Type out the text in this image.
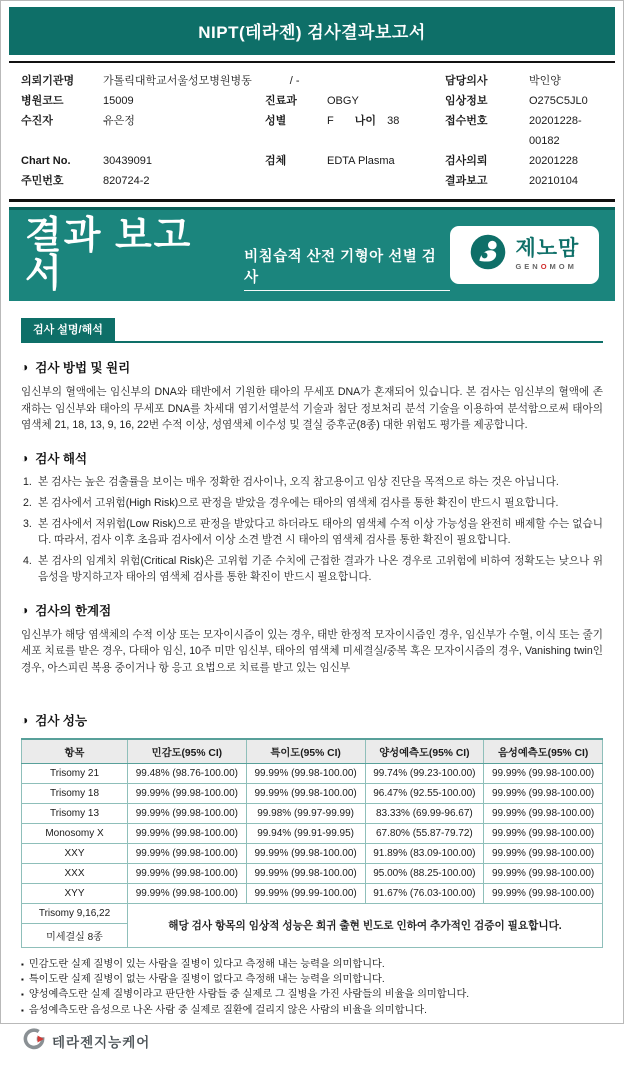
NIPT(테라젠) 검사결과보고서
의뢰기관명	가톨릭대학교서울성모병원병동	/ -	담당의사	박인양
병원코드	15009	진료과	OBGY	임상정보	O275C5JL0
수진자	유은정	성별	F 나이 38	접수번호	20201228-00182
Chart No.	30439091	검체	EDTA Plasma	검사의뢰	20201228
주민번호	820724-2	결과보고	20210104
결과 보고서	비침습적 산전 기형아 선별 검사
제노맘
GENOMOM
검사 설명/해석
◑ 검사 방법 및 원리

임신부의 혈액에는 임신부의 DNA와 태반에서 기원한 태아의 무세포 DNA가 혼재되어 있습니다. 본 검사는 임신부의 혈액에 존재하는 임신부와 태아의 무세포 DNA를 차세대 염기서열분석 기술과 첨단 정보처리 분석 기술을 이용하여 분석함으로써 태아의 염색체 21, 18, 13, 9, 16, 22번 수적 이상, 성염색체 이수성 및 결실 증후군(8종) 대한 위험도 평가를 제공합니다.

◑ 검사 해석
본 검사는 높은 검출률을 보이는 매우 정확한 검사이나, 오직 참고용이고 임상 진단을 목적으로 하는 것은 아닙니다.
본 검사에서 고위험(High Risk)으로 판정을 받았을 경우에는 태아의 염색체 검사를 통한 확진이 반드시 필요합니다.
본 검사에서 저위험(Low Risk)으로 판정을 받았다고 하더라도 태아의 염색체 수적 이상 가능성을 완전히 배제할 수는 없습니다. 따라서, 검사 이후 초음파 검사에서 이상 소견 발견 시 태아의 염색체 검사를 통한 확진이 필요합니다.
본 검사의 임계치 위험(Critical Risk)은 고위험 기준 수치에 근접한 결과가 나온 경우로 고위험에 비하여 정확도는 낮으나 위음성을 방지하고자 태아의 염색체 검사를 통한 확진이 반드시 필요합니다.
◑ 검사의 한계점

임신부가 해당 염색체의 수적 이상 또는 모자이시즘이 있는 경우, 태반 한정적 모자이시즘인 경우, 임신부가 수혈, 이식 또는 줄기 세포 치료를 받은 경우, 다태아 임신, 10주 미만 임신부, 태아의 염색체 미세결실/중복 혹은 모자이시즘의 경우, Vanishing twin인 경우, 아스피린 복용 중이거나 항 응고 요법으로 치료를 받고 있는 임신부

◑ 검사 성능
항목	민감도(95% CI)	특이도(95% CI)	양성예측도(95% CI)	음성예측도(95% CI)
Trisomy 21	99.48% (98.76-100.00)	99.99% (99.98-100.00)	99.74% (99.23-100.00)	99.99% (99.98-100.00)
Trisomy 18	99.99% (99.98-100.00)	99.99% (99.98-100.00)	96.47% (92.55-100.00)	99.99% (99.98-100.00)
Trisomy 13	99.99% (99.98-100.00)	99.98% (99.97-99.99)	83.33% (69.99-96.67)	99.99% (99.98-100.00)
Monosomy X	99.99% (99.98-100.00)	99.94% (99.91-99.95)	67.80% (55.87-79.72)	99.99% (99.98-100.00)
XXY	99.99% (99.98-100.00)	99.99% (99.98-100.00)	91.89% (83.09-100.00)	99.99% (99.98-100.00)
XXX	99.99% (99.98-100.00)	99.99% (99.98-100.00)	95.00% (88.25-100.00)	99.99% (99.98-100.00)
XYY	99.99% (99.98-100.00)	99.99% (99.99-100.00)	91.67% (76.03-100.00)	99.99% (99.98-100.00)
Trisomy 9,16,22	해당 검사 항목의 임상적 성능은 희귀 출현 빈도로 인하여 추가적인 검증이 필요합니다.			
미세결실 8종				
▪ 민감도란 실제 질병이 있는 사람을 질병이 있다고 측정해 내는 능력을 의미합니다.
▪ 특이도란 실제 질병이 없는 사람을 질병이 없다고 측정해 내는 능력을 의미합니다.
▪ 양성예측도란 실제 질병이라고 판단한 사람들 중 실제로 그 질병을 가진 사람들의 비율을 의미합니다.
▪ 음성예측도란 음성으로 나온 사람 중 실제로 질환에 걸리지 않은 사람의 비율을 의미합니다.
테라젠지능케어
